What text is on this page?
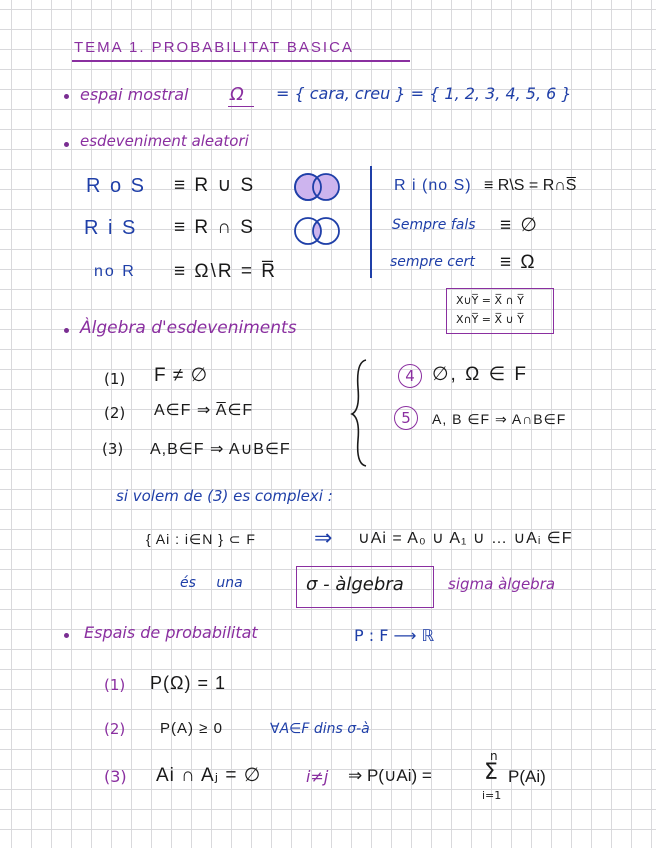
TEMA 1. PROBABILITAT BASICA
espai mostral Ω = { cara, creu } = { 1, 2, 3, 4, 5, 6 }
esdeveniment aleatori
R o S ≡ R ∪ S
R i S ≡ R ∩ S
no R ≡ Ω\R = R̅
R i (no S) ≡ R\S = R∩S̅
Sempre fals ≡ ∅
sempre cert ≡ Ω
X∪Y̅ = X̅ ∩ Y̅
X∩Y̅ = X̅ ∪ Y̅
Àlgebra d'esdeveniments
(1) F ≠ ∅
(2) A∈F ⇒ A̅∈F
(3) A,B∈F ⇒ A∪B∈F
4 ∅, Ω ∈ F
5	A, B ∈F ⇒ A∩B∈F
si volem de (3) es complexi :
{ Ai : i∈N } ⊂ F	⇒ ∪Ai = A₀ ∪ A₁ ∪ … ∪Aᵢ ∈F
és una	σ - àlgebra	sigma àlgebra
Espais de probabilitat	P : F ⟶ ℝ
(1) P(Ω) = 1
(2) P(A) ≥ 0	∀A∈F dins σ-à
(3) Ai ∩ Aⱼ = ∅	i≠j ⇒ P(∪Ai) =
n
Σ
i=1
P(Ai)
